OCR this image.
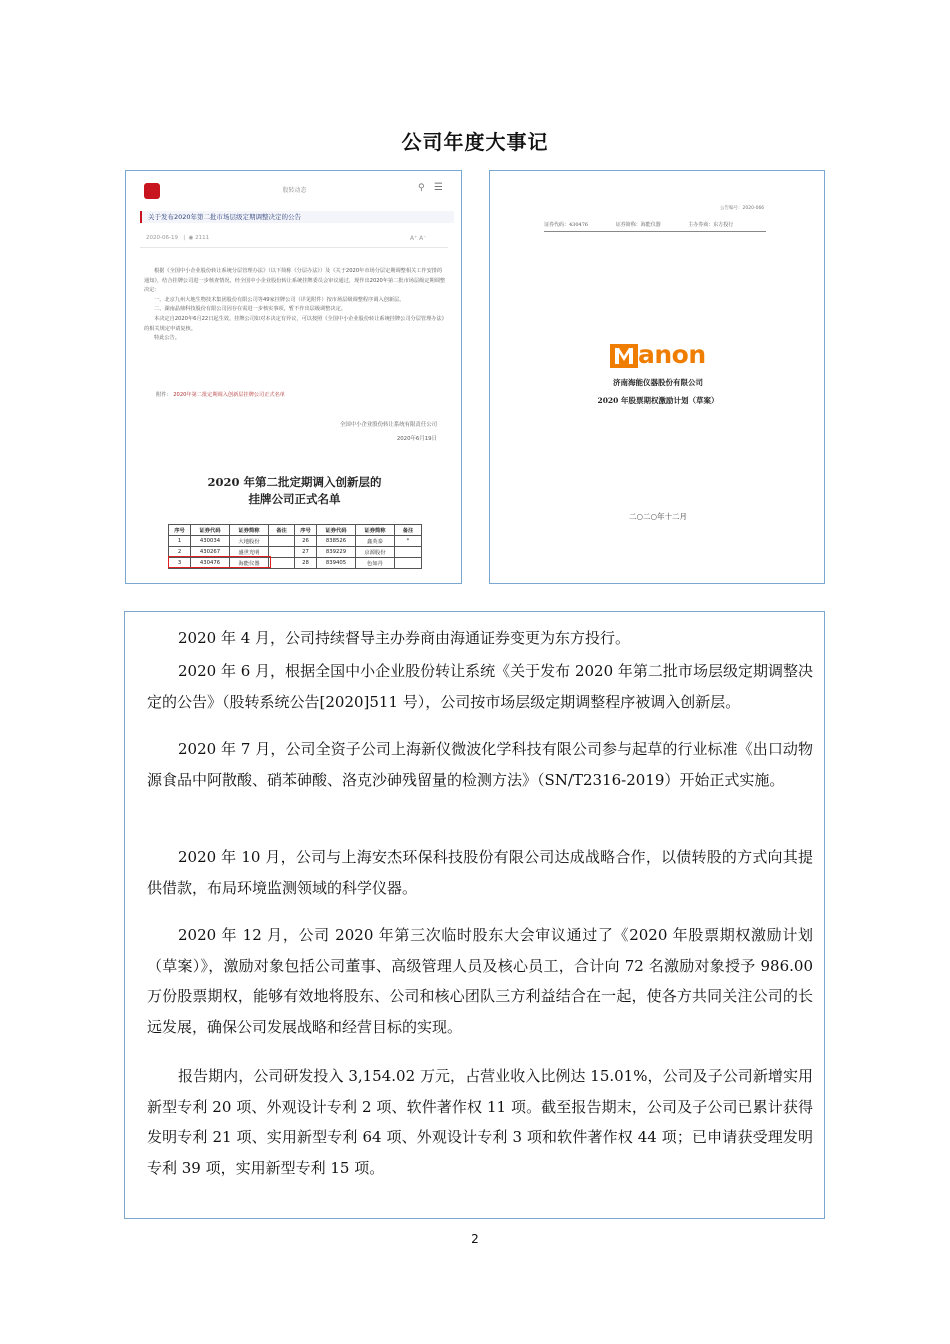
公司年度大事记
股转动态	⚲ ☰
关于发布2020年第二批市场层级定期调整决定的公告
2020-06-19   |  ◉ 2111	A⁺ A⁻

根据《全国中小企业股份转让系统分层管理办法》（以下简称《分层办法》）及《关于2020年市场分层定期调整相关工作安排的通知》，结合挂牌公司进一步核查情况，经全国中小企业股份转让系统挂牌委员会审议通过，现作出2020年第二批市场层级定期调整决定：

一、北京九州大地生物技术集团股份有限公司等49家挂牌公司（详见附件）按市场层级调整程序调入创新层。

二、湖南晶鼎科技股份有限公司因存在需进一步核实事项，暂不作出层级调整决定。

本决定自2020年6月22日起生效。挂牌公司如对本决定有异议，可以按照《全国中小企业股份转让系统挂牌公司分层管理办法》的相关规定申请复核。

特此公告。

附件： 2020年第二批定期调入创新层挂牌公司正式名单
全国中小企业股份转让系统有限责任公司
2020年6月19日
2020 年第二批定期调入创新层的
挂牌公司正式名单
序号	证券代码	证券简称	备注	序号	证券代码	证券简称	备注
1	430034	大地股份		26	838526	鑫英泰	*
2	430267	盛世光明		27	839229	京源股份	
3	430476	海能仪器		28	839405	色如丹	
公告编号：2020-066
证券代码：430476	证券简称：海能仪器	主办券商：东方投行
anon
济南海能仪器股份有限公司
2020 年股票期权激励计划（草案）
二○二○年十二月

2020 年 4 月，公司持续督导主办券商由海通证券变更为东方投行。

2020 年 6 月，根据全国中小企业股份转让系统《关于发布 2020 年第二批市场层级定期调整决定的公告》（股转系统公告[2020]511 号），公司按市场层级定期调整程序被调入创新层。

2020 年 7 月，公司全资子公司上海新仪微波化学科技有限公司参与起草的行业标准《出口动物源食品中阿散酸、硝苯砷酸、洛克沙砷残留量的检测方法》（SN/T2316-2019）开始正式实施。

2020 年 10 月，公司与上海安杰环保科技股份有限公司达成战略合作，以债转股的方式向其提供借款，布局环境监测领域的科学仪器。

2020 年 12 月，公司 2020 年第三次临时股东大会审议通过了《2020 年股票期权激励计划（草案）》，激励对象包括公司董事、高级管理人员及核心员工，合计向 72 名激励对象授予 986.00 万份股票期权，能够有效地将股东、公司和核心团队三方利益结合在一起，使各方共同关注公司的长远发展，确保公司发展战略和经营目标的实现。

报告期内，公司研发投入 3,154.02 万元，占营业收入比例达 15.01%，公司及子公司新增实用新型专利 20 项、外观设计专利 2 项、软件著作权 11 项。截至报告期末，公司及子公司已累计获得发明专利 21 项、实用新型专利 64 项、外观设计专利 3 项和软件著作权 44 项；已申请获受理发明专利 39 项，实用新型专利 15 项。

2
